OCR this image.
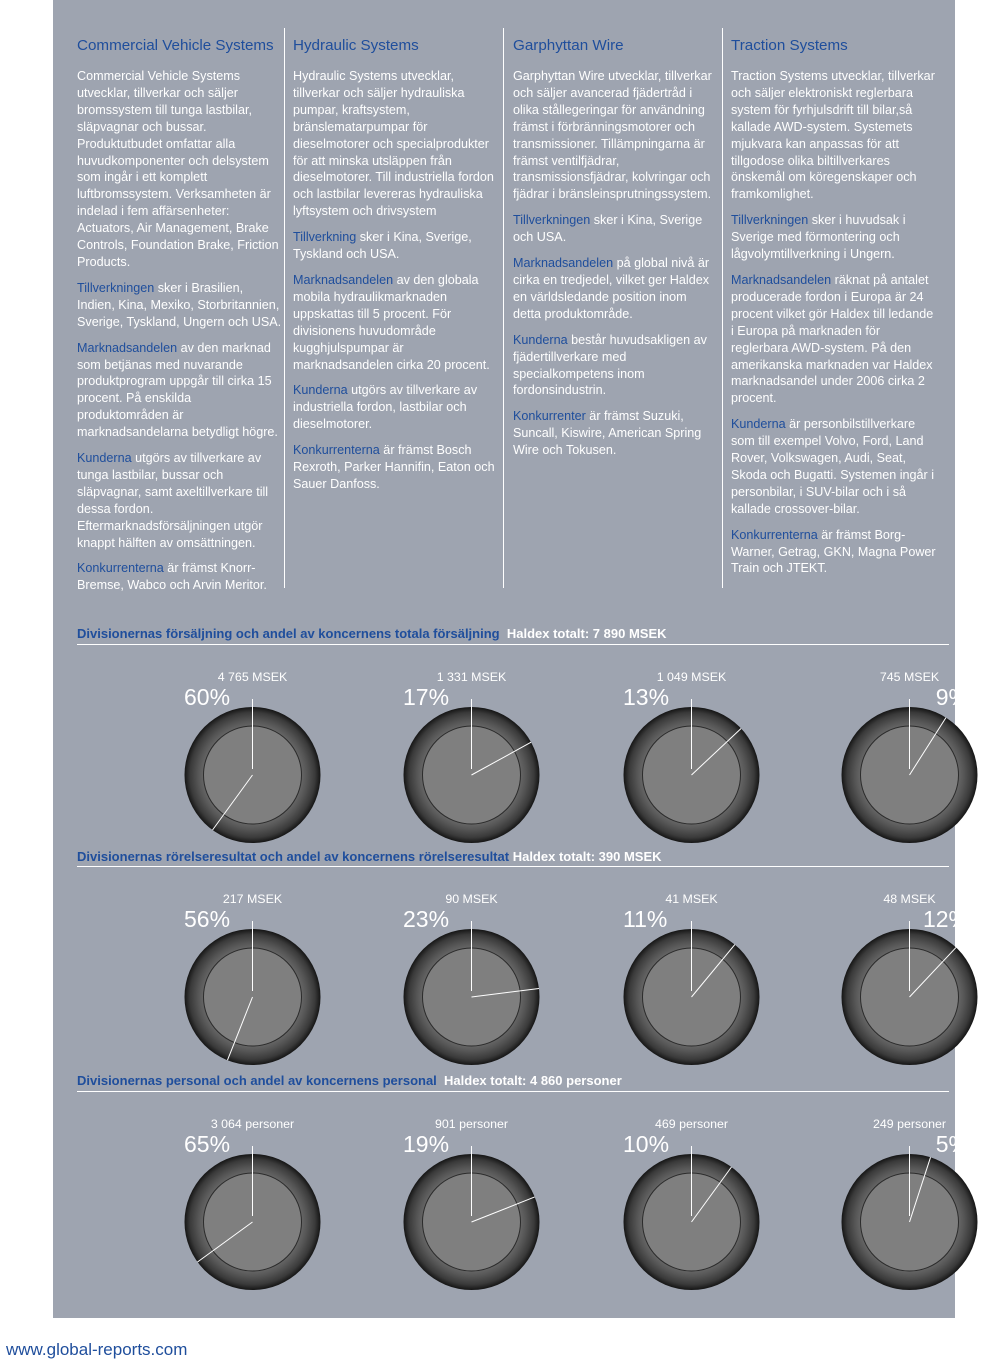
Commercial Vehicle Systems

Commercial Vehicle Systems utvecklar, tillverkar och säljer bromssystem till tunga lastbilar, släpvagnar och bussar. Produktutbudet omfattar alla huvudkomponenter och delsystem som ingår i ett komplett luftbromssystem. Verksamheten är indelad i fem affärsenheter: Actuators, Air Management, Brake Controls, Foundation Brake, Friction Products.

Tillverkningen sker i Brasilien, Indien, Kina, Mexiko, Storbritannien, Sverige, Tyskland, Ungern och USA.

Marknadsandelen av den marknad som betjänas med nuvarande produktprogram uppgår till cirka 15 procent. På enskilda produktområden är marknadsandelarna betydligt högre.

Kunderna utgörs av tillverkare av tunga lastbilar, bussar och släpvagnar, samt axeltillverkare till dessa fordon. Eftermarknadsförsäljningen utgör knappt hälften av omsättningen.

Konkurrenterna är främst Knorr-Bremse, Wabco och Arvin Meritor.

Hydraulic Systems

Hydraulic Systems utvecklar, tillverkar och säljer hydrauliska pumpar, kraftsystem, bränslematarpumpar för dieselmotorer och specialprodukter för att minska utsläppen från dieselmotorer. Till industriella fordon och lastbilar levereras hydrauliska lyftsystem och drivsystem

Tillverkning sker i Kina, Sverige, Tyskland och USA.

Marknadsandelen av den globala mobila hydraulikmarknaden uppskattas till 5 procent. För divisionens huvudområde kugghjulspumpar är marknadsandelen cirka 20 procent.

Kunderna utgörs av tillverkare av industriella fordon, lastbilar och dieselmotorer.

Konkurrenterna är främst Bosch Rexroth, Parker Hannifin, Eaton och Sauer Danfoss.

Garphyttan Wire

Garphyttan Wire utvecklar, tillverkar och säljer avancerad fjädertråd i olika stållegeringar för användning främst i förbränningsmotorer och transmissioner. Tillämpningarna är främst ventilfjädrar, transmissionsfjädrar, kolvringar och fjädrar i bränsleinsprutningssystem.

Tillverkningen sker i Kina, Sverige och USA.

Marknadsandelen på global nivå är cirka en tredjedel, vilket ger Haldex en världsledande position inom detta produktområde.

Kunderna består huvudsakligen av fjädertillverkare med specialkompetens inom fordonsindustrin.

Konkurrenter är främst Suzuki, Suncall, Kiswire, American Spring Wire och Tokusen.

Traction Systems

Traction Systems utvecklar, tillverkar och säljer elektroniskt reglerbara system för fyrhjulsdrift till bilar,så kallade AWD-system. Systemets mjukvara kan anpassas för att tillgodose olika biltillverkares önskemål om köregenskaper och framkomlighet.

Tillverkningen sker i huvudsak i Sverige med förmontering och lågvolymtillverkning i Ungern.

Marknadsandelen räknat på antalet producerade fordon i Europa är 24 procent vilket gör Haldex till ledande i Europa på marknaden för reglerbara AWD-system. På den amerikanska marknaden var Haldex marknadsandel under 2006 cirka 2 procent.

Kunderna är personbilstillverkare som till exempel Volvo, Ford, Land Rover, Volkswagen, Audi, Seat, Skoda och Bugatti. Systemen ingår i personbilar, i SUV-bilar och i så kallade crossover-bilar.

Konkurrenterna är främst Borg-Warner, Getrag, GKN, Magna Power Train och JTEKT.

Divisionernas försäljning och andel av koncernens totala försäljning Haldex totalt: 7 890 MSEK
Divisionernas rörelseresultat och andel av koncernens rörelseresultat Haldex totalt: 390 MSEK
Divisionernas personal och andel av koncernens personal Haldex totalt: 4 860 personer
4 765 MSEK
60%
1 331 MSEK
17%
1 049 MSEK
13%
745 MSEK
9%
217 MSEK
56%
90 MSEK
23%
41 MSEK
11%
48 MSEK
12%
3 064 personer
65%
901 personer
19%
469 personer
10%
249 personer
5%
www.global-reports.com
